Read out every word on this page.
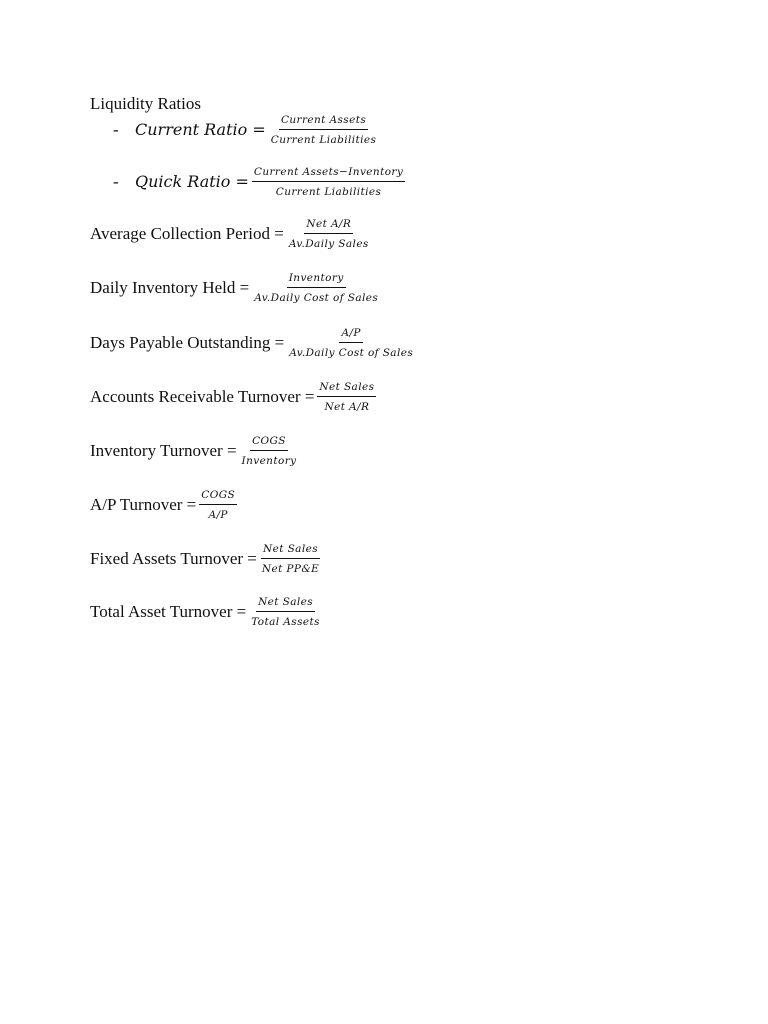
Liquidity Ratios
-	Current Ratio = $\frac{\text{Current Assets}}{\text{Current Liabilities}}$
-	Quick Ratio = $\frac{\text{Current Assets−Inventory}}{\text{Current Liabilities}}$
Average Collection Period = $\frac{\text{Net A/R}}{\text{Av.Daily Sales}}$
Daily Inventory Held = $\frac{\text{Inventory}}{\text{Av.Daily Cost of Sales}}$
Days Payable Outstanding = $\frac{A/P}{\text{Av.Daily Cost of Sales}}$
Accounts Receivable Turnover = $\frac{\text{Net Sales}}{\text{Net A/R}}$
Inventory Turnover = $\frac{\text{COGS}}{\text{Inventory}}$
A/P Turnover = $\frac{\text{COGS}}{A/P}$
Fixed Assets Turnover = $\frac{\text{Net Sales}}{\text{Net PP\&E}}$
Total Asset Turnover = $\frac{\text{Net Sales}}{\text{Total Assets}}$
